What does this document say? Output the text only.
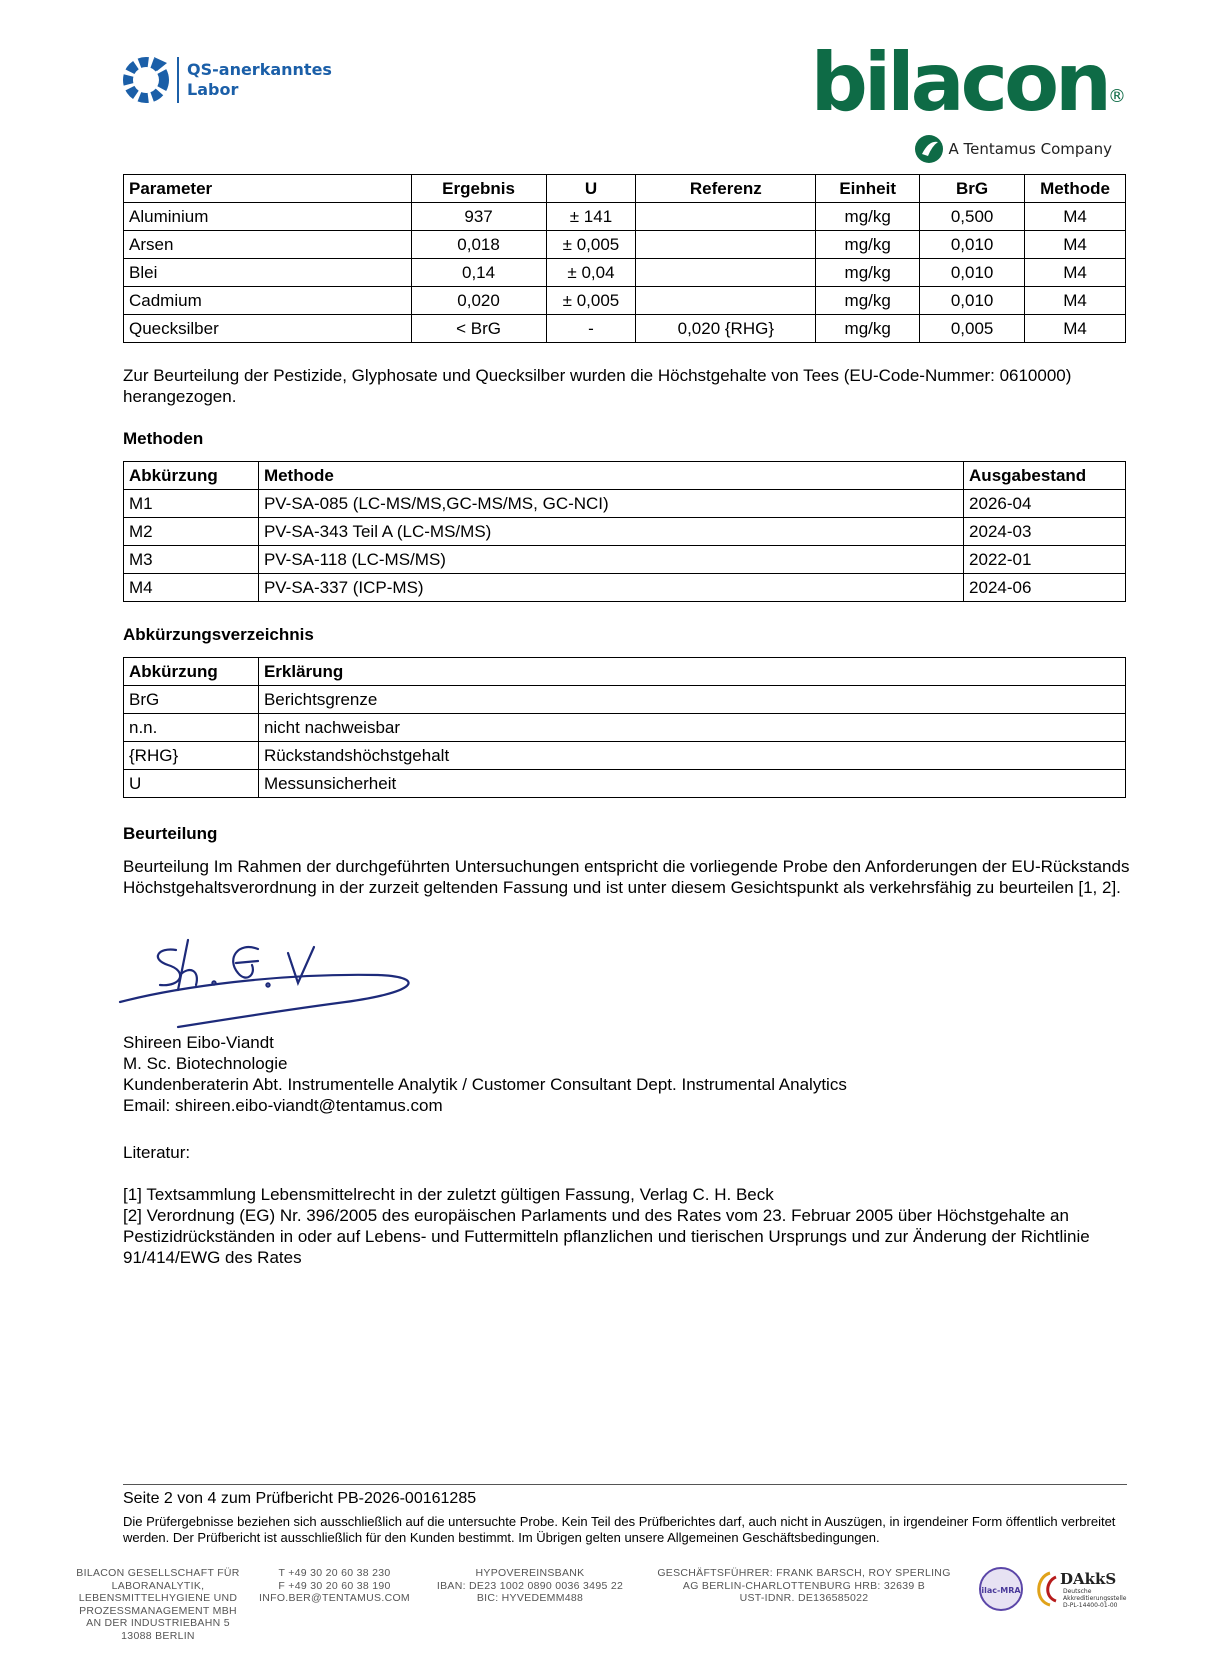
QS-anerkanntes
Labor	bilacon ®
A Tentamus Company
Parameter	Ergebnis	U	Referenz	Einheit	BrG	Methode
Aluminium	937	± 141		mg/kg	0,500	M4
Arsen	0,018	± 0,005		mg/kg	0,010	M4
Blei	0,14	± 0,04		mg/kg	0,010	M4
Cadmium	0,020	± 0,005		mg/kg	0,010	M4
Quecksilber	< BrG	-	0,020 {RHG}	mg/kg	0,005	M4
Zur Beurteilung der Pestizide, Glyphosate und Quecksilber wurden die Höchstgehalte von Tees (EU-Code-Nummer: 0610000) herangezogen.
Methoden
Abkürzung	Methode	Ausgabestand
M1	PV-SA-085 (LC-MS/MS,GC-MS/MS, GC-NCI)	2026-04
M2	PV-SA-343 Teil A (LC-MS/MS)	2024-03
M3	PV-SA-118 (LC-MS/MS)	2022-01
M4	PV-SA-337 (ICP-MS)	2024-06
Abkürzungsverzeichnis
Abkürzung	Erklärung
BrG	Berichtsgrenze
n.n.	nicht nachweisbar
{RHG}	Rückstandshöchstgehalt
U	Messunsicherheit
Beurteilung
Beurteilung Im Rahmen der durchgeführten Untersuchungen entspricht die vorliegende Probe den Anforderungen der EU-Rückstands Höchstgehaltsverordnung in der zurzeit geltenden Fassung und ist unter diesem Gesichtspunkt als verkehrsfähig zu beurteilen [1, 2].
Shireen Eibo-Viandt
M. Sc. Biotechnologie
Kundenberaterin Abt. Instrumentelle Analytik / Customer Consultant Dept. Instrumental Analytics
Email: shireen.eibo-viandt@tentamus.com
Literatur:
[1] Textsammlung Lebensmittelrecht in der zuletzt gültigen Fassung, Verlag C. H. Beck
[2] Verordnung (EG) Nr. 396/2005 des europäischen Parlaments und des Rates vom 23. Februar 2005 über Höchstgehalte an Pestizidrückständen in oder auf Lebens- und Futtermitteln pflanzlichen und tierischen Ursprungs und zur Änderung der Richtlinie 91/414/EWG des Rates
Seite 2 von 4 zum Prüfbericht PB-2026-00161285
Die Prüfergebnisse beziehen sich ausschließlich auf die untersuchte Probe. Kein Teil des Prüfberichtes darf, auch nicht in Auszügen, in irgendeiner Form öffentlich verbreitet werden. Der Prüfbericht ist ausschließlich für den Kunden bestimmt. Im Übrigen gelten unsere Allgemeinen Geschäftsbedingungen.
BILACON GESELLSCHAFT FÜR
LABORANALYTIK,
LEBENSMITTELHYGIENE UND
PROZESSMANAGEMENT MBH
AN DER INDUSTRIEBAHN 5
13088 BERLIN
T +49 30 20 60 38 230
F +49 30 20 60 38 190
INFO.BER@TENTAMUS.COM
HYPOVEREINSBANK
IBAN: DE23 1002 0890 0036 3495 22
BIC: HYVEDEMM488
GESCHÄFTSFÜHRER: FRANK BARSCH, ROY SPERLING
AG BERLIN-CHARLOTTENBURG HRB: 32639 B
UST-IDNR. DE136585022
ilac-MRA
DAkkS
Deutsche
Akkreditierungsstelle
D-PL-14400-01-00
